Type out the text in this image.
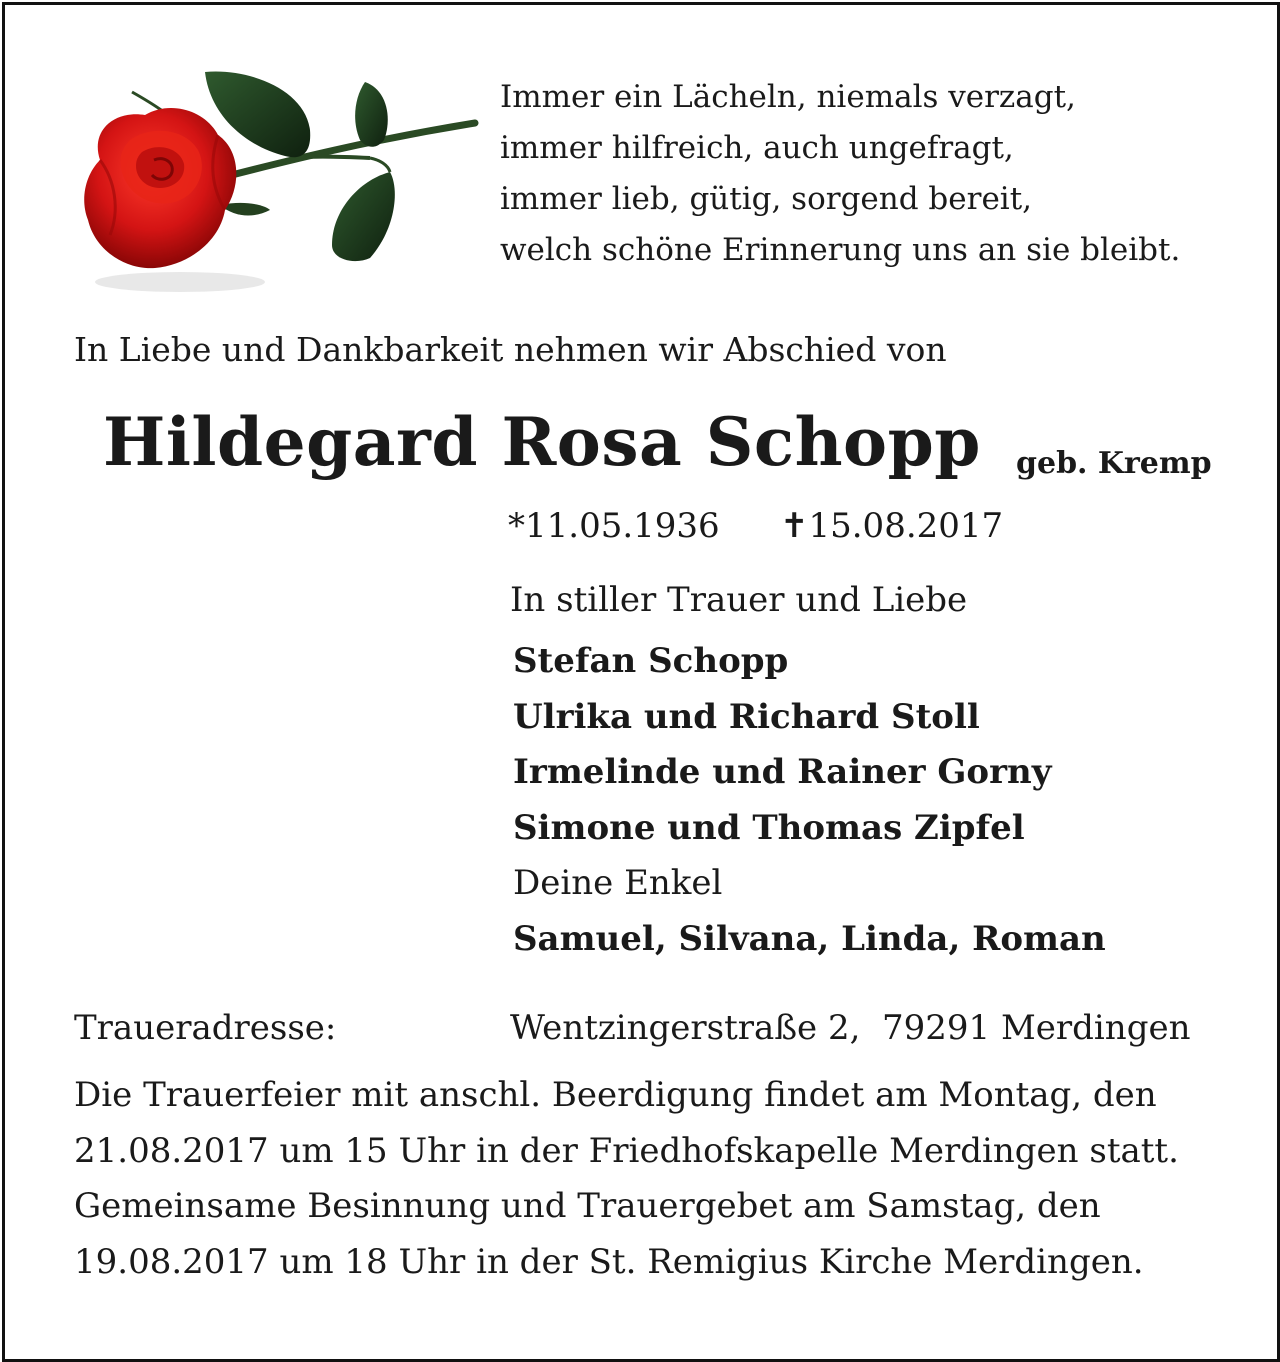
Immer ein Lächeln, niemals verzagt,
immer hilfreich, auch ungefragt,
immer lieb, gütig, sorgend bereit,
welch schöne Erinnerung uns an sie bleibt.
In Liebe und Dankbarkeit nehmen wir Abschied von
Hildegard Rosa Schopp geb. Kremp
*11.05.1936 ✝15.08.2017
In stiller Trauer und Liebe
Stefan Schopp
Ulrika und Richard Stoll
Irmelinde und Rainer Gorny
Simone und Thomas Zipfel
Deine Enkel
Samuel, Silvana, Linda, Roman
Traueradresse:	Wentzingerstraße 2,  79291 Merdingen
Die Trauerfeier mit anschl. Beerdigung findet am Montag, den
21.08.2017 um 15 Uhr in der Friedhofskapelle Merdingen statt.
Gemeinsame Besinnung und Trauergebet am Samstag, den
19.08.2017 um 18 Uhr in der St. Remigius Kirche Merdingen.
